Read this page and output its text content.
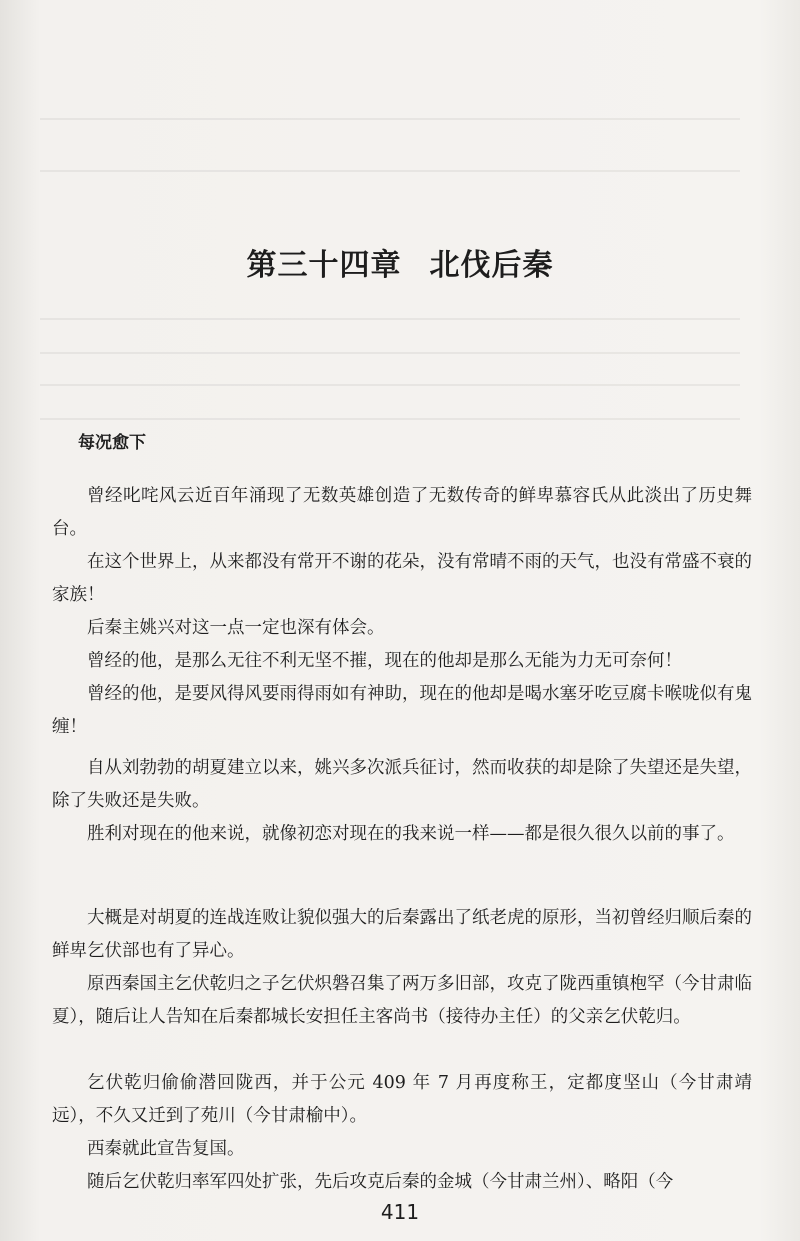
第三十四章 北伐后秦
每况愈下

曾经叱咤风云近百年涌现了无数英雄创造了无数传奇的鲜卑慕容氏从此淡出了历史舞台。

在这个世界上，从来都没有常开不谢的花朵，没有常晴不雨的天气，也没有常盛不衰的家族！

后秦主姚兴对这一点一定也深有体会。

曾经的他，是那么无往不利无坚不摧，现在的他却是那么无能为力无可奈何！

曾经的他，是要风得风要雨得雨如有神助，现在的他却是喝水塞牙吃豆腐卡喉咙似有鬼缠！

自从刘勃勃的胡夏建立以来，姚兴多次派兵征讨，然而收获的却是除了失望还是失望，除了失败还是失败。

胜利对现在的他来说，就像初恋对现在的我来说一样——都是很久很久以前的事了。

大概是对胡夏的连战连败让貌似强大的后秦露出了纸老虎的原形，当初曾经归顺后秦的鲜卑乞伏部也有了异心。

原西秦国主乞伏乾归之子乞伏炽磐召集了两万多旧部，攻克了陇西重镇枹罕（今甘肃临夏），随后让人告知在后秦都城长安担任主客尚书（接待办主任）的父亲乞伏乾归。

乞伏乾归偷偷潜回陇西，并于公元 409 年 7 月再度称王，定都度坚山（今甘肃靖远），不久又迁到了苑川（今甘肃榆中）。

西秦就此宣告复国。

随后乞伏乾归率军四处扩张，先后攻克后秦的金城（今甘肃兰州）、略阳（今

411
